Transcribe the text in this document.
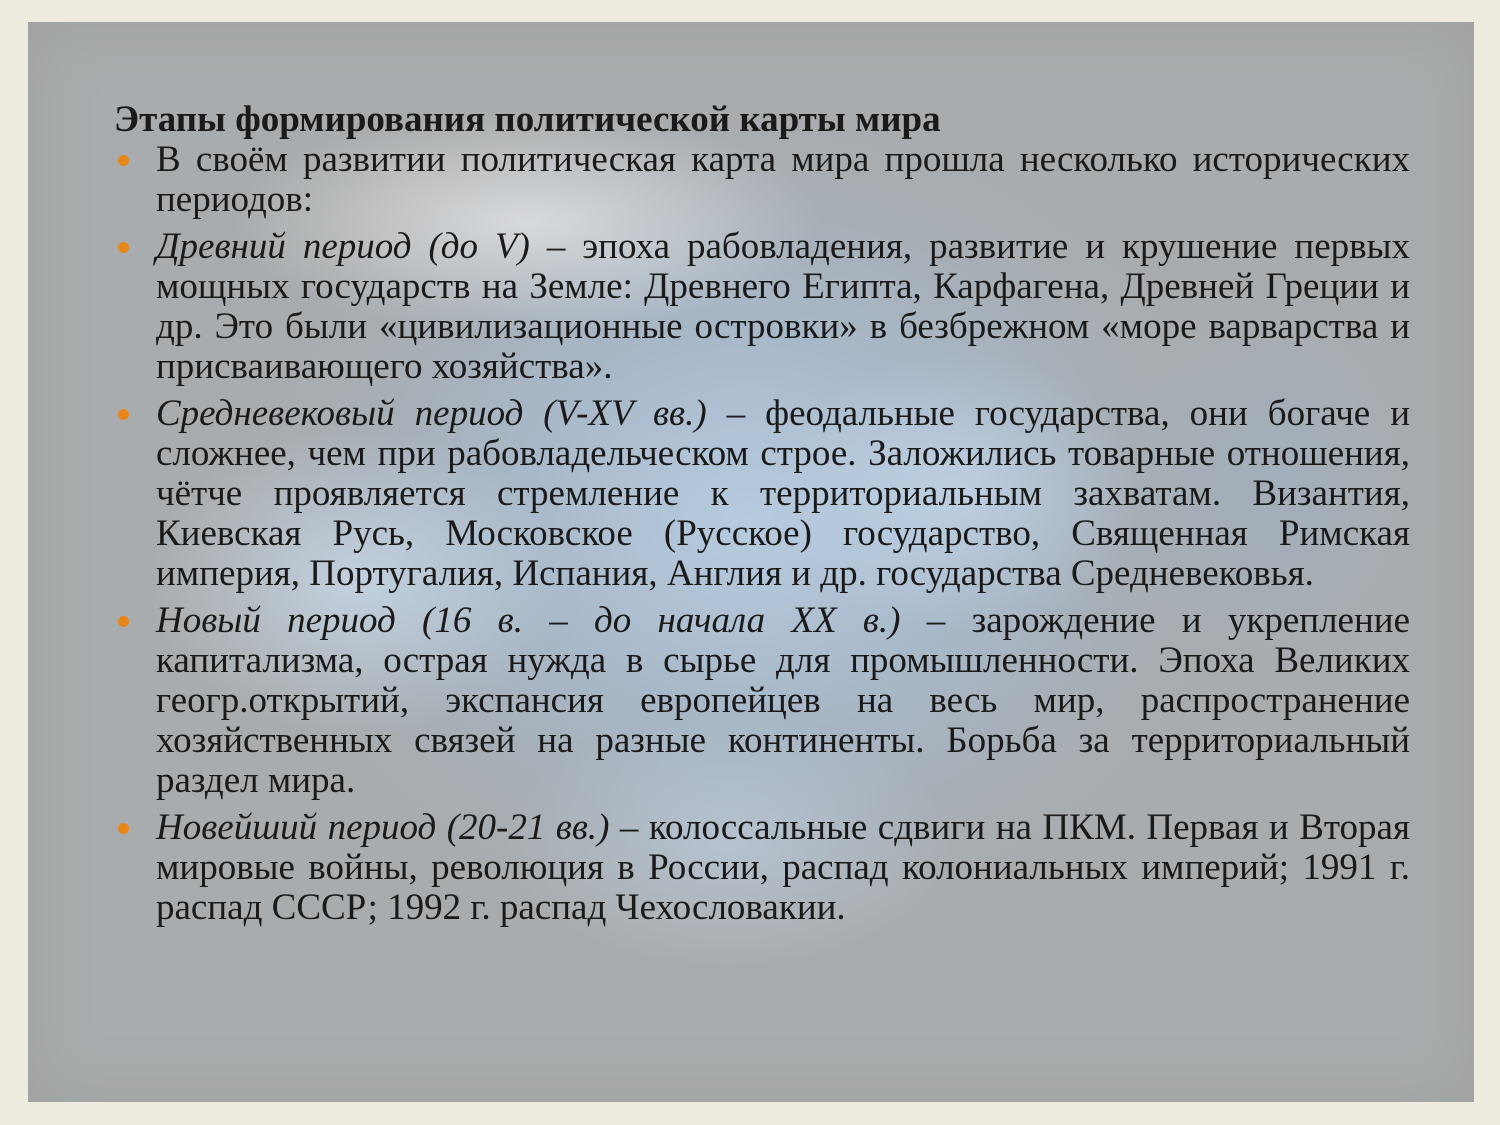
Этапы формирования политической карты мира
В своём развитии политическая карта мира прошла несколько исторических периодов:
Древний период (до V) – эпоха рабовладения, развитие и крушение первых мощных государств на Земле: Древнего Египта, Карфагена, Древней Греции и др. Это были «цивилизационные островки» в безбрежном «море варварства и присваивающего хозяйства».
Средневековый период (V-XV вв.) – феодальные государства, они богаче и сложнее, чем при рабовладельческом строе. Заложились товарные отношения, чётче проявляется стремление к территориальным захватам. Византия, Киевская Русь, Московское (Русское) государство, Священная Римская империя, Португалия, Испания, Англия и др. государства Средневековья.
Новый период (16 в. – до начала XX в.) – зарождение и укрепление капитализма, острая нужда в сырье для промышленности. Эпоха Великих геогр.открытий, экспансия европейцев на весь мир, распространение хозяйственных связей на разные континенты. Борьба за территориальный раздел мира.
Новейший период (20-21 вв.) – колоссальные сдвиги на ПКМ. Первая и Вторая мировые войны, революция в России, распад колониальных империй; 1991 г. распад СССР; 1992 г. распад Чехословакии.
